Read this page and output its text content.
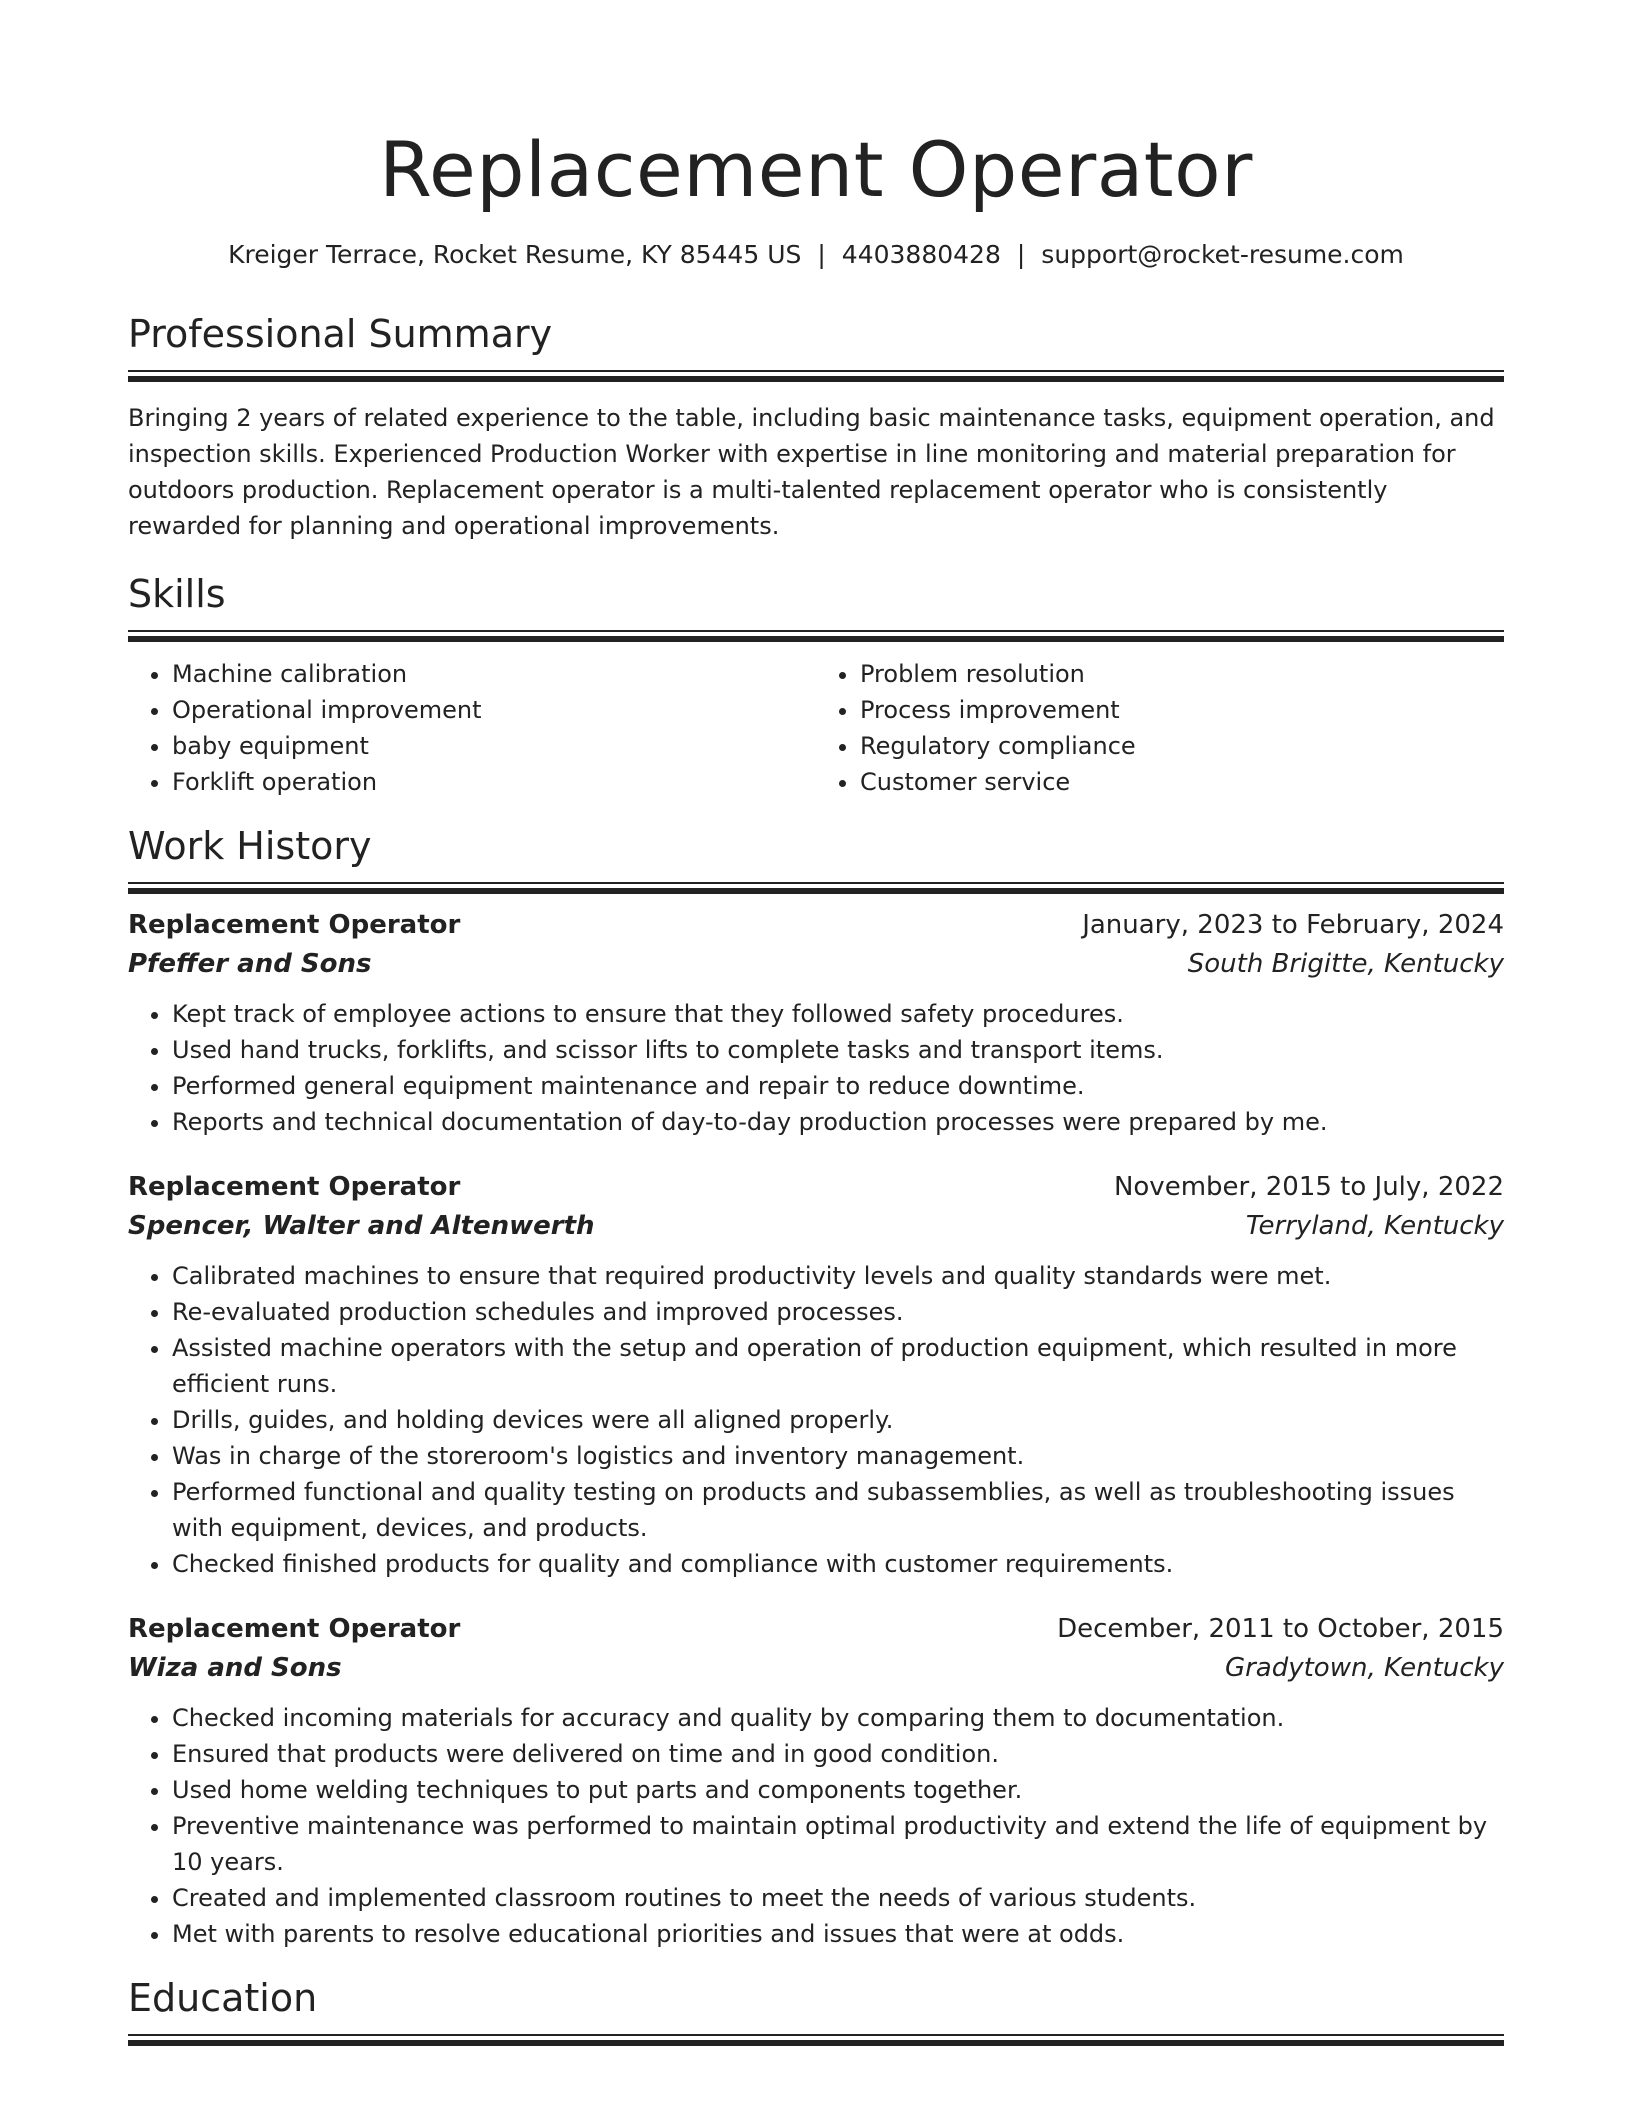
Replacement Operator
Kreiger Terrace, Rocket Resume, KY 85445 US | 4403880428 | support@rocket-resume.com
Professional Summary
Bringing 2 years of related experience to the table, including basic maintenance tasks, equipment operation, and inspection skills. Experienced Production Worker with expertise in line monitoring and material preparation for outdoors production. Replacement operator is a multi-talented replacement operator who is consistently rewarded for planning and operational improvements.
Skills
• Machine calibration
• Operational improvement
• baby equipment
• Forklift operation
• Problem resolution
• Process improvement
• Regulatory compliance
• Customer service
Work History
Replacement Operator	January, 2023 to February, 2024
Pfeffer and Sons	South Brigitte, Kentucky
• Kept track of employee actions to ensure that they followed safety procedures.
• Used hand trucks, forklifts, and scissor lifts to complete tasks and transport items.
• Performed general equipment maintenance and repair to reduce downtime.
• Reports and technical documentation of day-to-day production processes were prepared by me.
Replacement Operator	November, 2015 to July, 2022
Spencer, Walter and Altenwerth	Terryland, Kentucky
• Calibrated machines to ensure that required productivity levels and quality standards were met.
• Re-evaluated production schedules and improved processes.
• Assisted machine operators with the setup and operation of production equipment, which resulted in more efficient runs.
• Drills, guides, and holding devices were all aligned properly.
• Was in charge of the storeroom's logistics and inventory management.
• Performed functional and quality testing on products and subassemblies, as well as troubleshooting issues with equipment, devices, and products.
• Checked finished products for quality and compliance with customer requirements.
Replacement Operator	December, 2011 to October, 2015
Wiza and Sons	Gradytown, Kentucky
• Checked incoming materials for accuracy and quality by comparing them to documentation.
• Ensured that products were delivered on time and in good condition.
• Used home welding techniques to put parts and components together.
• Preventive maintenance was performed to maintain optimal productivity and extend the life of equipment by 10 years.
• Created and implemented classroom routines to meet the needs of various students.
• Met with parents to resolve educational priorities and issues that were at odds.
Education
